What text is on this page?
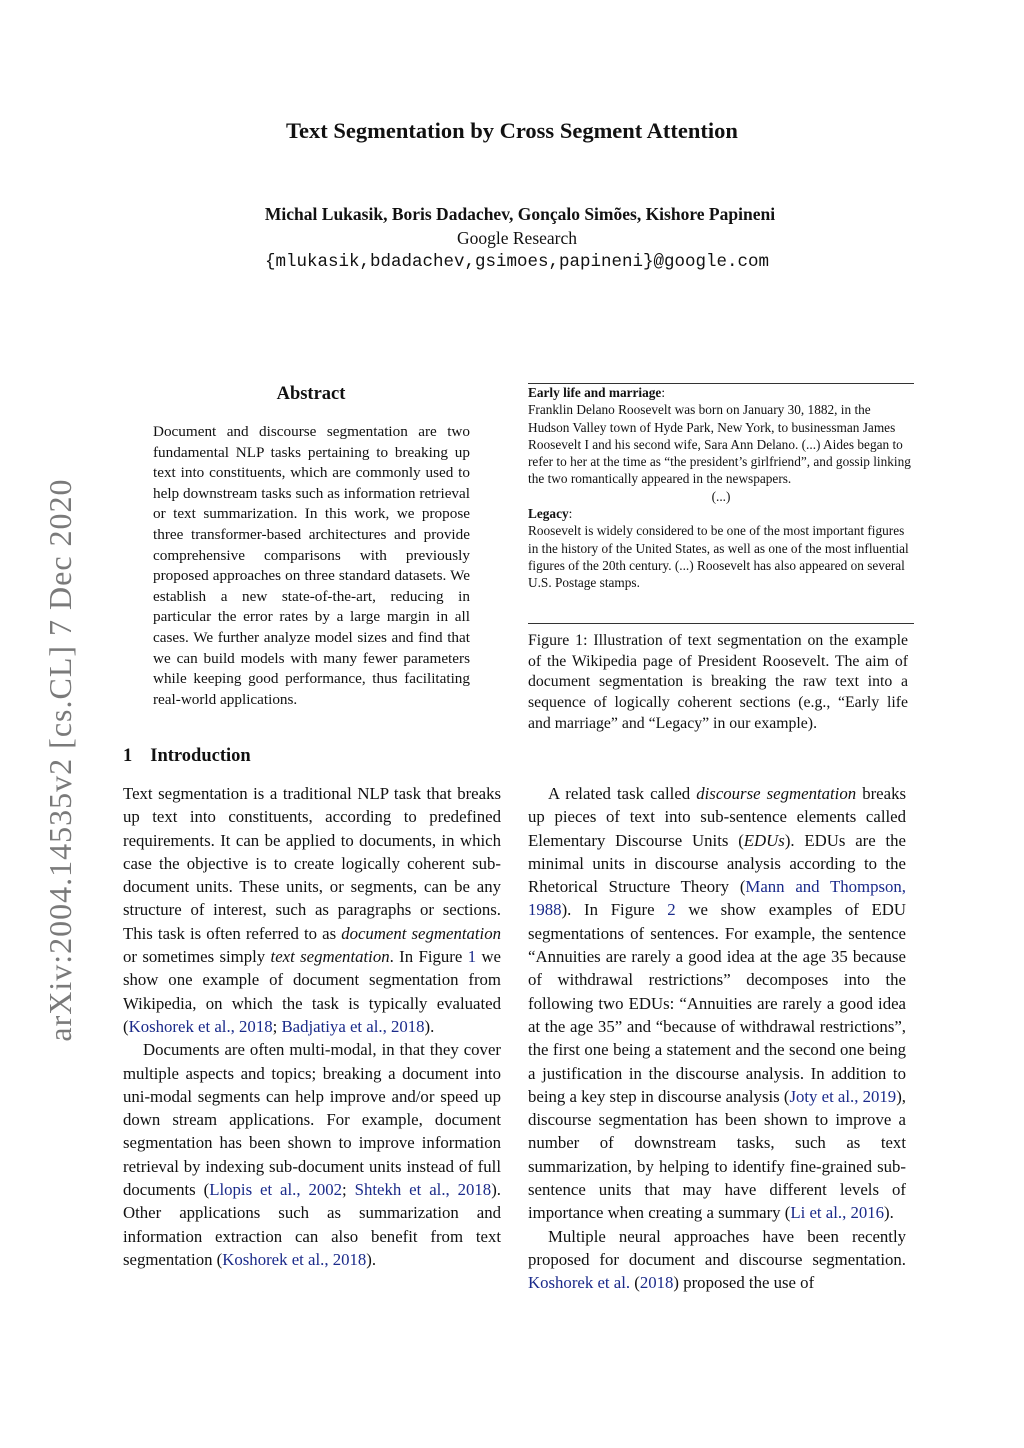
arXiv:2004.14535v2 [cs.CL] 7 Dec 2020
Text Segmentation by Cross Segment Attention
Michal Lukasik, Boris Dadachev, Gonçalo Simões, Kishore Papineni
Google Research
{mlukasik,bdadachev,gsimoes,papineni}@google.com
Abstract
Document and discourse segmentation are two fundamental NLP tasks pertaining to breaking up text into constituents, which are commonly used to help downstream tasks such as information retrieval or text summarization. In this work, we propose three transformer-based architectures and provide comprehensive comparisons with previously proposed approaches on three standard datasets. We establish a new state-of-the-art, reducing in particular the error rates by a large margin in all cases. We further analyze model sizes and find that we can build models with many fewer parameters while keeping good performance, thus facilitating real-world applications.
1 Introduction

Text segmentation is a traditional NLP task that breaks up text into constituents, according to predefined requirements. It can be applied to documents, in which case the objective is to create logically coherent sub-document units. These units, or segments, can be any structure of interest, such as paragraphs or sections. This task is often referred to as document segmentation or sometimes simply text segmentation. In Figure 1 we show one example of document segmentation from Wikipedia, on which the task is typically evaluated (Koshorek et al., 2018; Badjatiya et al., 2018).

Documents are often multi-modal, in that they cover multiple aspects and topics; breaking a document into uni-modal segments can help improve and/or speed up down stream applications. For example, document segmentation has been shown to improve information retrieval by indexing sub-document units instead of full documents (Llopis et al., 2002; Shtekh et al., 2018). Other applications such as summarization and information extraction can also benefit from text segmentation (Koshorek et al., 2018).

Early life and marriage:

Franklin Delano Roosevelt was born on January 30, 1882, in the Hudson Valley town of Hyde Park, New York, to businessman James Roosevelt I and his second wife, Sara Ann Delano. (...) Aides began to refer to her at the time as “the president’s girlfriend”, and gossip linking the two romantically appeared in the newspapers.

(...)

Legacy:

Roosevelt is widely considered to be one of the most important figures in the history of the United States, as well as one of the most influential figures of the 20th century. (...) Roosevelt has also appeared on several U.S. Postage stamps.

Figure 1: Illustration of text segmentation on the example of the Wikipedia page of President Roosevelt. The aim of document segmentation is breaking the raw text into a sequence of logically coherent sections (e.g., “Early life and marriage” and “Legacy” in our example).

A related task called discourse segmentation breaks up pieces of text into sub-sentence elements called Elementary Discourse Units (EDUs). EDUs are the minimal units in discourse analysis according to the Rhetorical Structure Theory (Mann and Thompson, 1988). In Figure 2 we show examples of EDU segmentations of sentences. For example, the sentence “Annuities are rarely a good idea at the age 35 because of withdrawal restrictions” decomposes into the following two EDUs: “Annuities are rarely a good idea at the age 35” and “because of withdrawal restrictions”, the first one being a statement and the second one being a justification in the discourse analysis. In addition to being a key step in discourse analysis (Joty et al., 2019), discourse segmentation has been shown to improve a number of downstream tasks, such as text summarization, by helping to identify fine-grained sub-sentence units that may have different levels of importance when creating a summary (Li et al., 2016).

Multiple neural approaches have been recently proposed for document and discourse segmentation. Koshorek et al. (2018) proposed the use of
